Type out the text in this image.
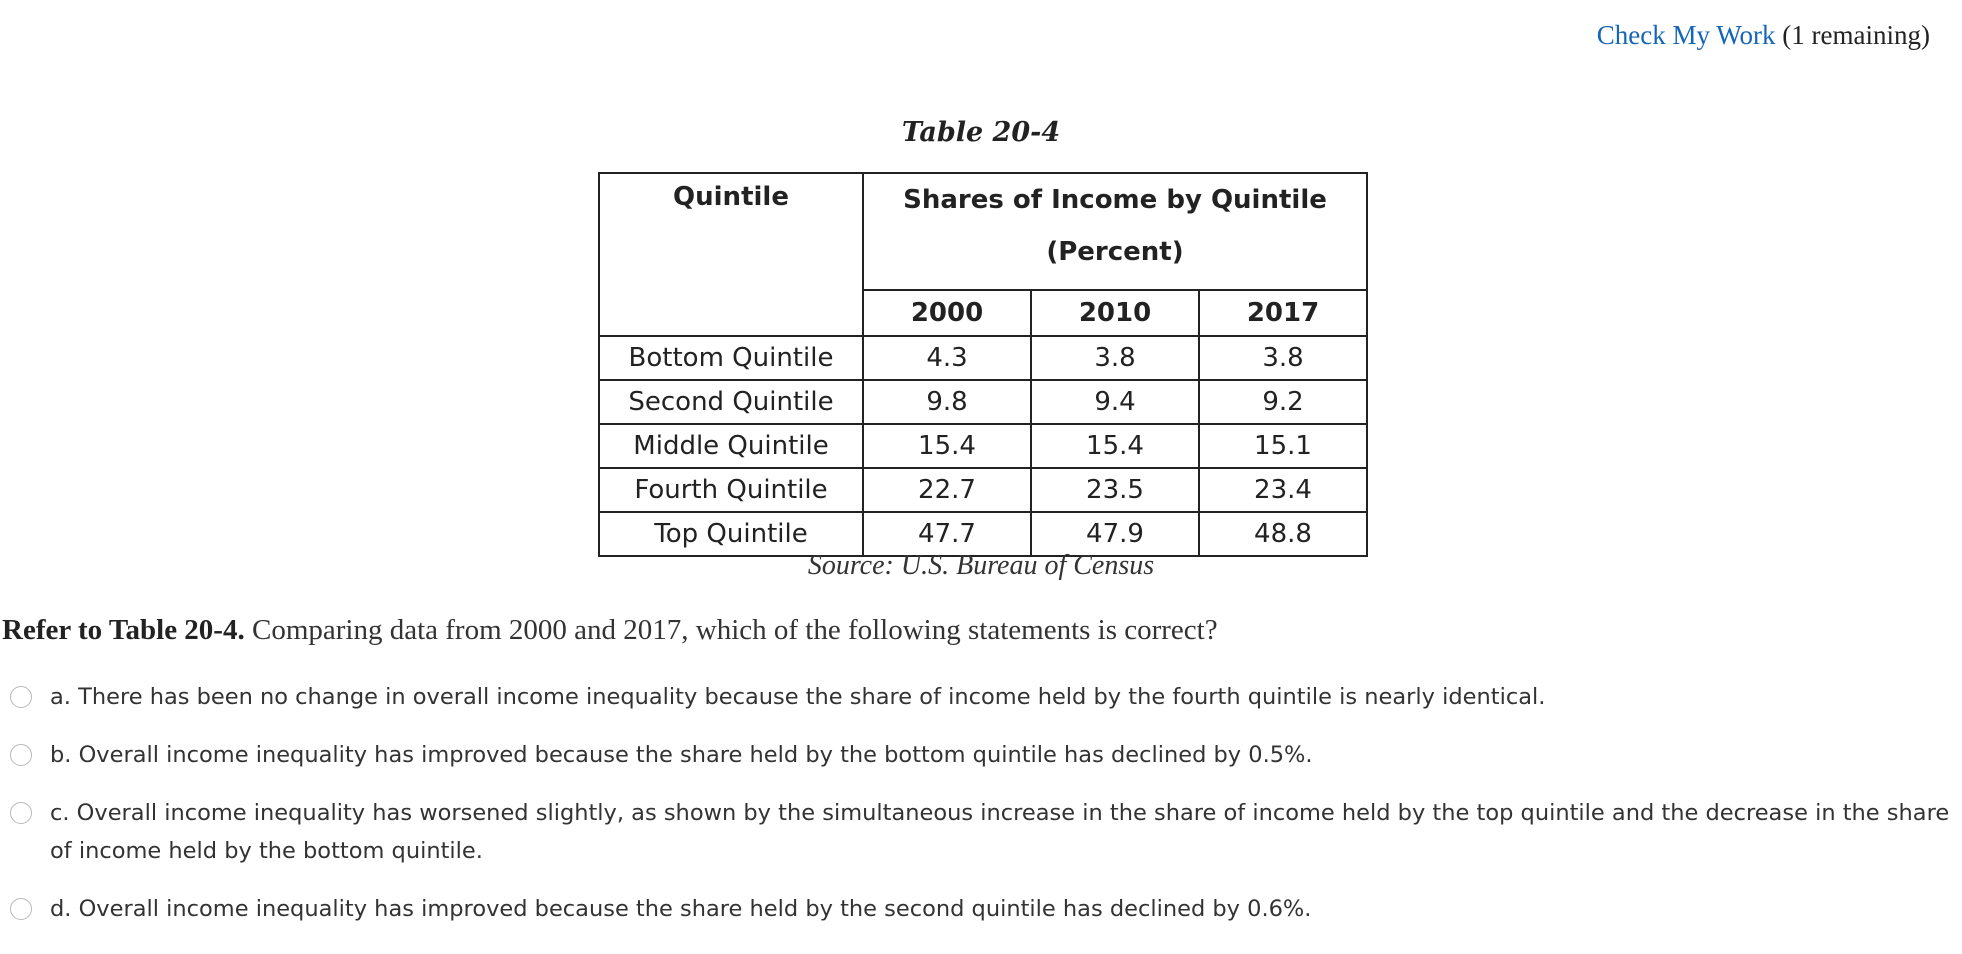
Check My Work (1 remaining)
Table 20-4
Quintile	Shares of Income by Quintile
(Percent)		
	2000	2010	2017
Bottom Quintile	4.3	3.8	3.8
Second Quintile	9.8	9.4	9.2
Middle Quintile	15.4	15.4	15.1
Fourth Quintile	22.7	23.5	23.4
Top Quintile	47.7	47.9	48.8
Source: U.S. Bureau of Census
Refer to Table 20-4. Comparing data from 2000 and 2017, which of the following statements is correct?
a. There has been no change in overall income inequality because the share of income held by the fourth quintile is nearly identical.
b. Overall income inequality has improved because the share held by the bottom quintile has declined by 0.5%.
c. Overall income inequality has worsened slightly, as shown by the simultaneous increase in the share of income held by the top quintile and the decrease in the share of income held by the bottom quintile.
d. Overall income inequality has improved because the share held by the second quintile has declined by 0.6%.
